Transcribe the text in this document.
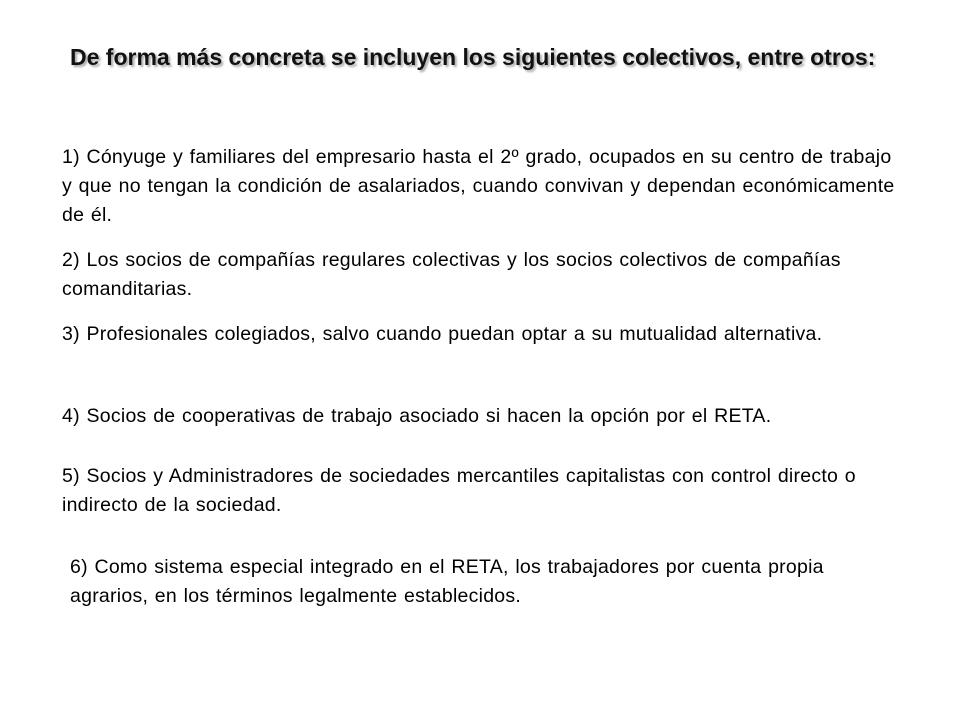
De forma más concreta se incluyen los siguientes colectivos, entre otros:

1) Cónyuge y familiares del empresario hasta el 2º grado, ocupados en su centro de trabajo y que no tengan la condición de asalariados, cuando convivan y dependan económicamente de él.

2) Los socios de compañías regulares colectivas y los socios colectivos de compañías comanditarias.

3) Profesionales colegiados, salvo cuando puedan optar a su mutualidad alternativa.

4) Socios de cooperativas de trabajo asociado si hacen la opción por el RETA.

5) Socios y Administradores de sociedades mercantiles capitalistas con control directo o indirecto de la sociedad.

6) Como sistema especial integrado en el RETA, los trabajadores por cuenta propia agrarios, en los términos legalmente establecidos.
